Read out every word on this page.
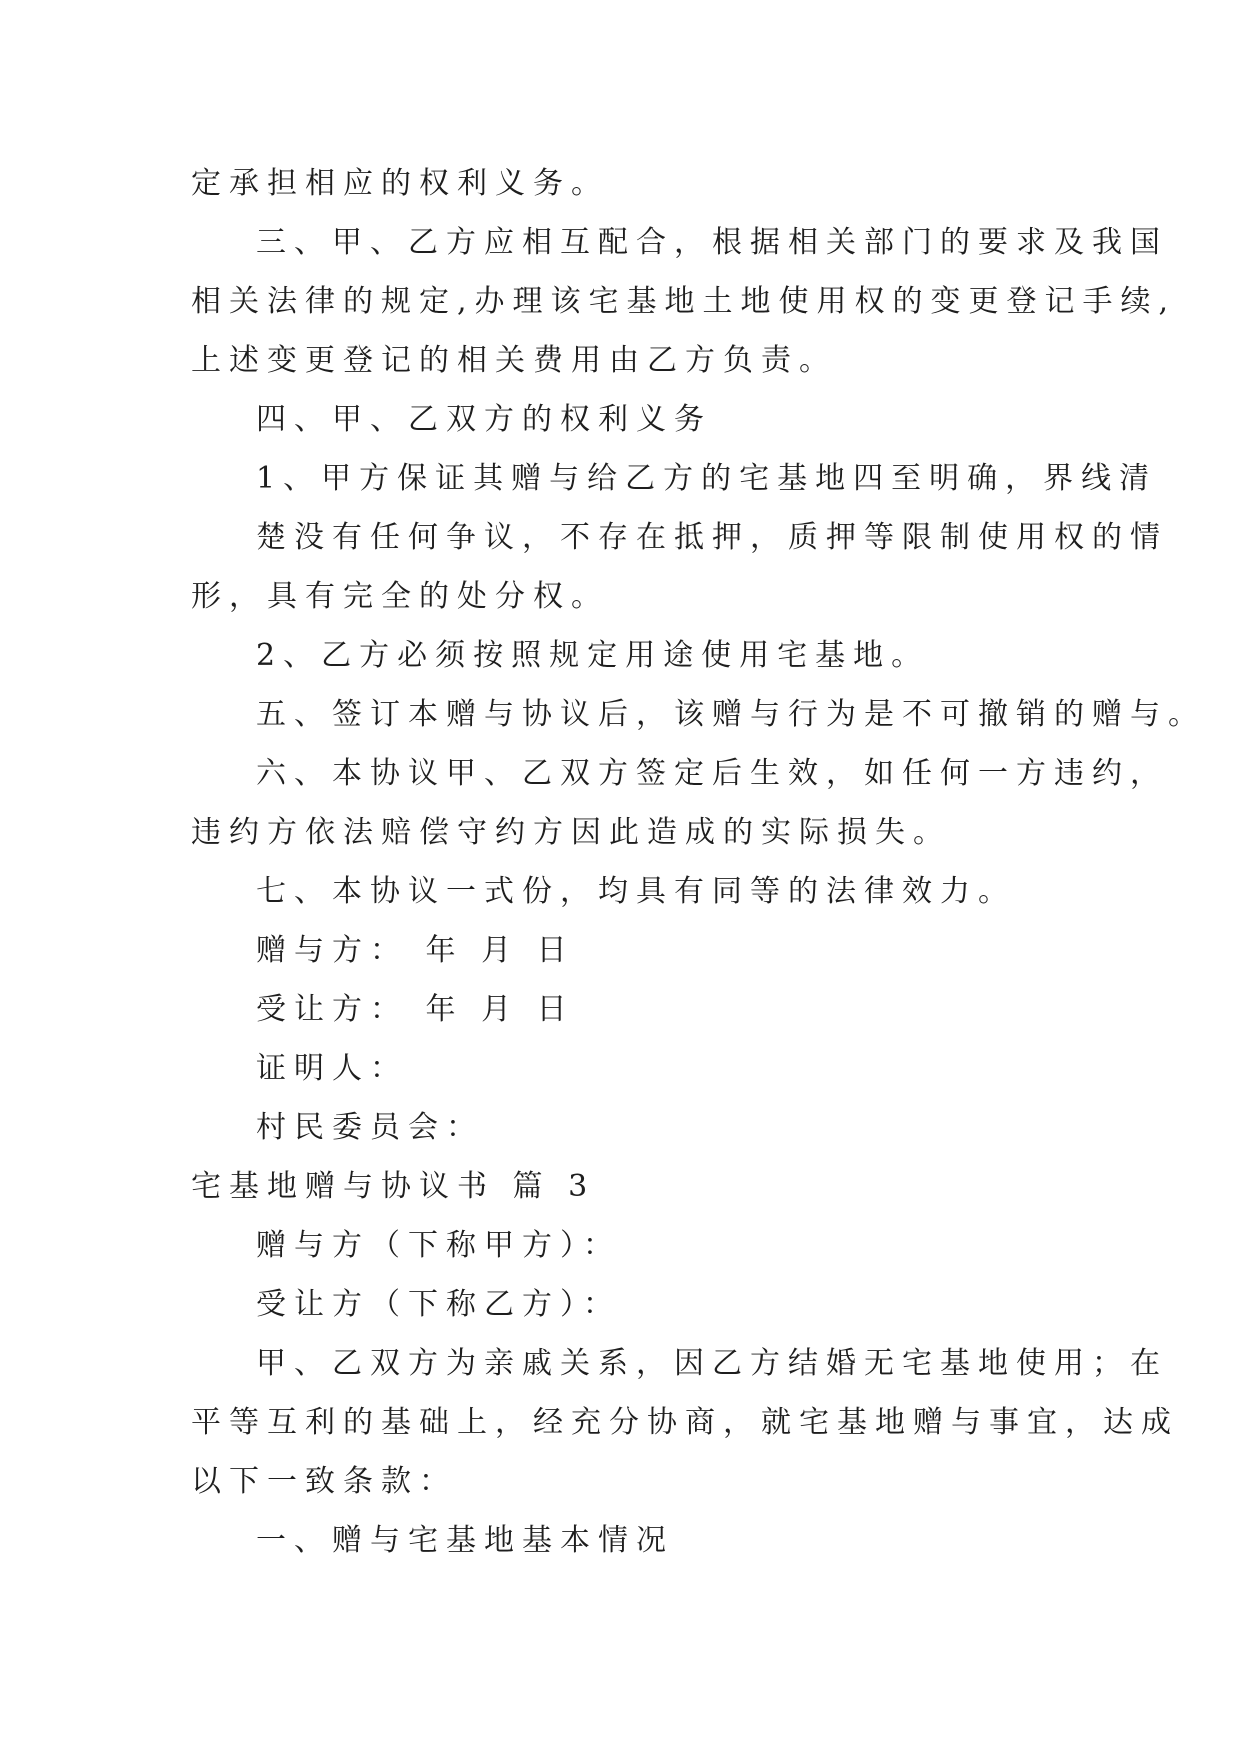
定承担相应的权利义务。
三、甲、乙方应相互配合，根据相关部门的要求及我国
相关法律的规定,办理该宅基地土地使用权的变更登记手续,
上述变更登记的相关费用由乙方负责。
四、甲、乙双方的权利义务
1、甲方保证其赠与给乙方的宅基地四至明确，界线清
楚没有任何争议，不存在抵押，质押等限制使用权的情
形，具有完全的处分权。
2、乙方必须按照规定用途使用宅基地。
五、签订本赠与协议后，该赠与行为是不可撤销的赠与。
六、本协议甲、乙双方签定后生效，如任何一方违约，
违约方依法赔偿守约方因此造成的实际损失。
七、本协议一式份，均具有同等的法律效力。
赠与方： 年 月 日
受让方： 年 月 日
证明人：
村民委员会：
宅基地赠与协议书 篇 3
赠与方（下称甲方）：
受让方（下称乙方）：
甲、乙双方为亲戚关系，因乙方结婚无宅基地使用；在
平等互利的基础上，经充分协商，就宅基地赠与事宜，达成
以下一致条款：
一、赠与宅基地基本情况
